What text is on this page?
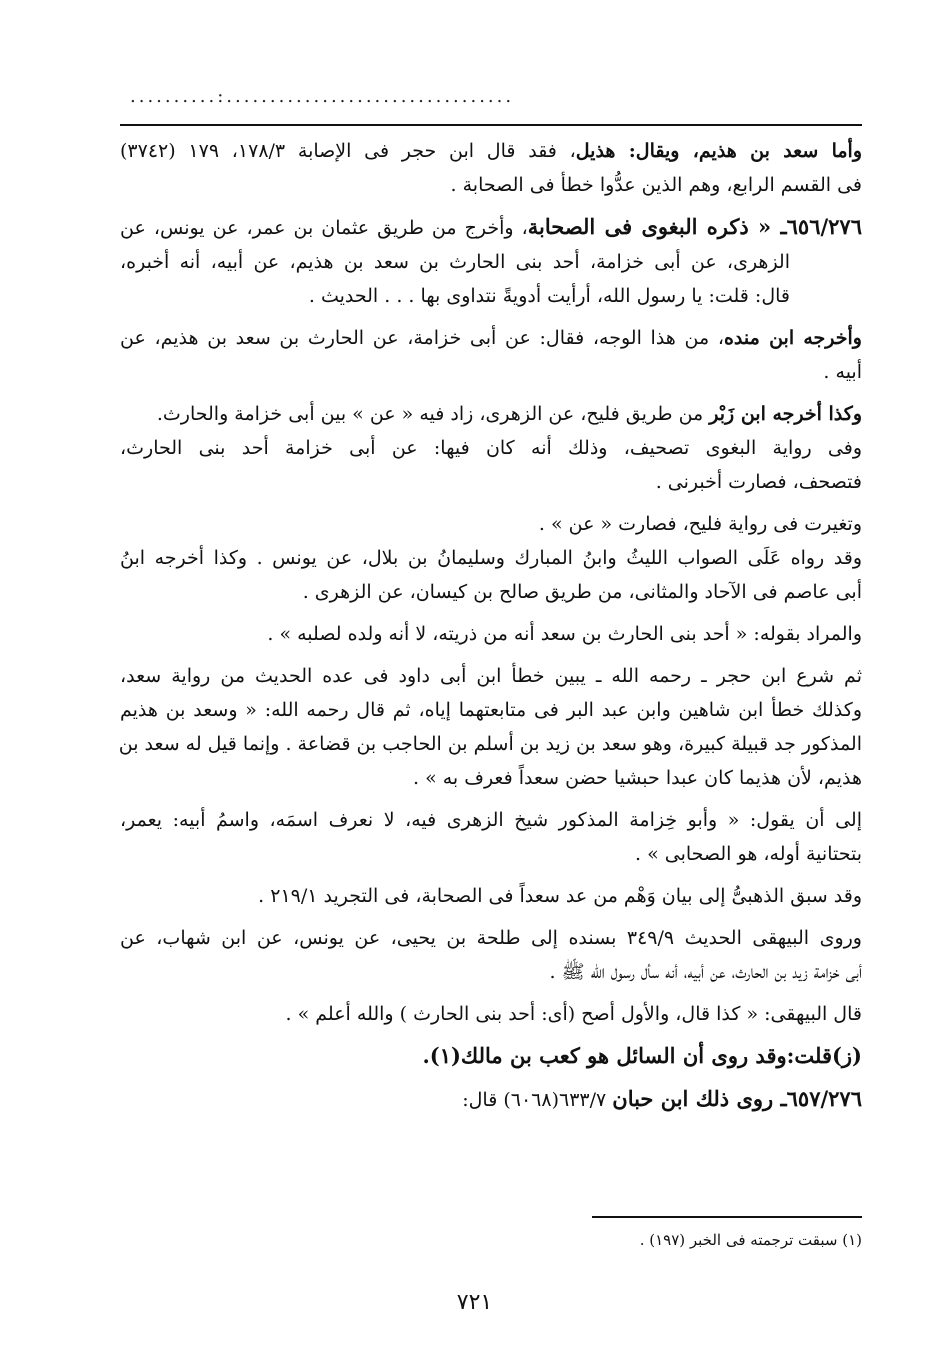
..........:.................................
وأما سعد بن هذيم، ويقال: هذيل، فقد قال ابن حجر فى الإصابة ١٧٨/٣، ١٧٩ (٣٧٤٢)
فى القسم الرابع، وهم الذين عدُّوا خطأ فى الصحابة .
٦٥٦/٢٧٦ـ « ذكره البغوى فى الصحابة، وأخرج من طريق عثمان بن عمر، عن يونس، عن
الزهرى، عن أبى خزامة، أحد بنى الحارث بن سعد بن هذيم، عن أبيه، أنه أخبره،
قال: قلت: يا رسول الله، أرأيت أدويةً نتداوى بها . . . الحديث .
وأخرجه ابن منده، من هذا الوجه، فقال: عن أبى خزامة، عن الحارث بن سعد بن هذيم، عن
أبيه .
وكذا أخرجه ابن زَبْر من طريق فليح، عن الزهرى، زاد فيه « عن » بين أبى خزامة والحارث.
وفى رواية البغوى تصحيف، وذلك أنه كان فيها: عن أبى خزامة أحد بنى الحارث،
فتصحف، فصارت أخبرنى .
وتغيرت فى رواية فليح، فصارت « عن » .
وقد رواه عَلَى الصواب الليثُ وابنُ المبارك وسليمانُ بن بلال، عن يونس . وكذا أخرجه ابنُ
أبى عاصم فى الآحاد والمثانى، من طريق صالح بن كيسان، عن الزهرى .
والمراد بقوله: « أحد بنى الحارث بن سعد أنه من ذريته، لا أنه ولده لصلبه » .
ثم شرع ابن حجر ـ رحمه الله ـ يبين خطأ ابن أبى داود فى عده الحديث من رواية سعد،
وكذلك خطأ ابن شاهين وابن عبد البر فى متابعتهما إياه، ثم قال رحمه الله: « وسعد بن هذيم
المذكور جد قبيلة كبيرة، وهو سعد بن زيد بن أسلم بن الحاجب بن قضاعة . وإنما قيل له سعد بن
هذيم، لأن هذيما كان عبدا حبشيا حضن سعداً فعرف به » .
إلى أن يقول: « وأبو خِزامة المذكور شيخ الزهرى فيه، لا نعرف اسمَه، واسمُ أبيه: يعمر،
بتحتانية أوله، هو الصحابى » .
وقد سبق الذهبىُّ إلى بيان وَهْم من عد سعداً فى الصحابة، فى التجريد ٢١٩/١ .
وروى البيهقى الحديث ٣٤٩/٩ بسنده إلى طلحة بن يحيى، عن يونس، عن ابن شهاب، عن
أبى خزامة زيد بن الحارث، عن أبيه، أنه سأل رسول الله ﷺ .
قال البيهقى: « كذا قال، والأول أصح (أى: أحد بنى الحارث ) والله أعلم » .
(ز)قلت:وقد روى أن السائل هو كعب بن مالك(١).
٦٥٧/٢٧٦ـ روى ذلك ابن حبان ٦٣٣/٧(٦٠٦٨) قال:
(١) سبقت ترجمته فى الخبر (١٩٧) .
٧٢١
